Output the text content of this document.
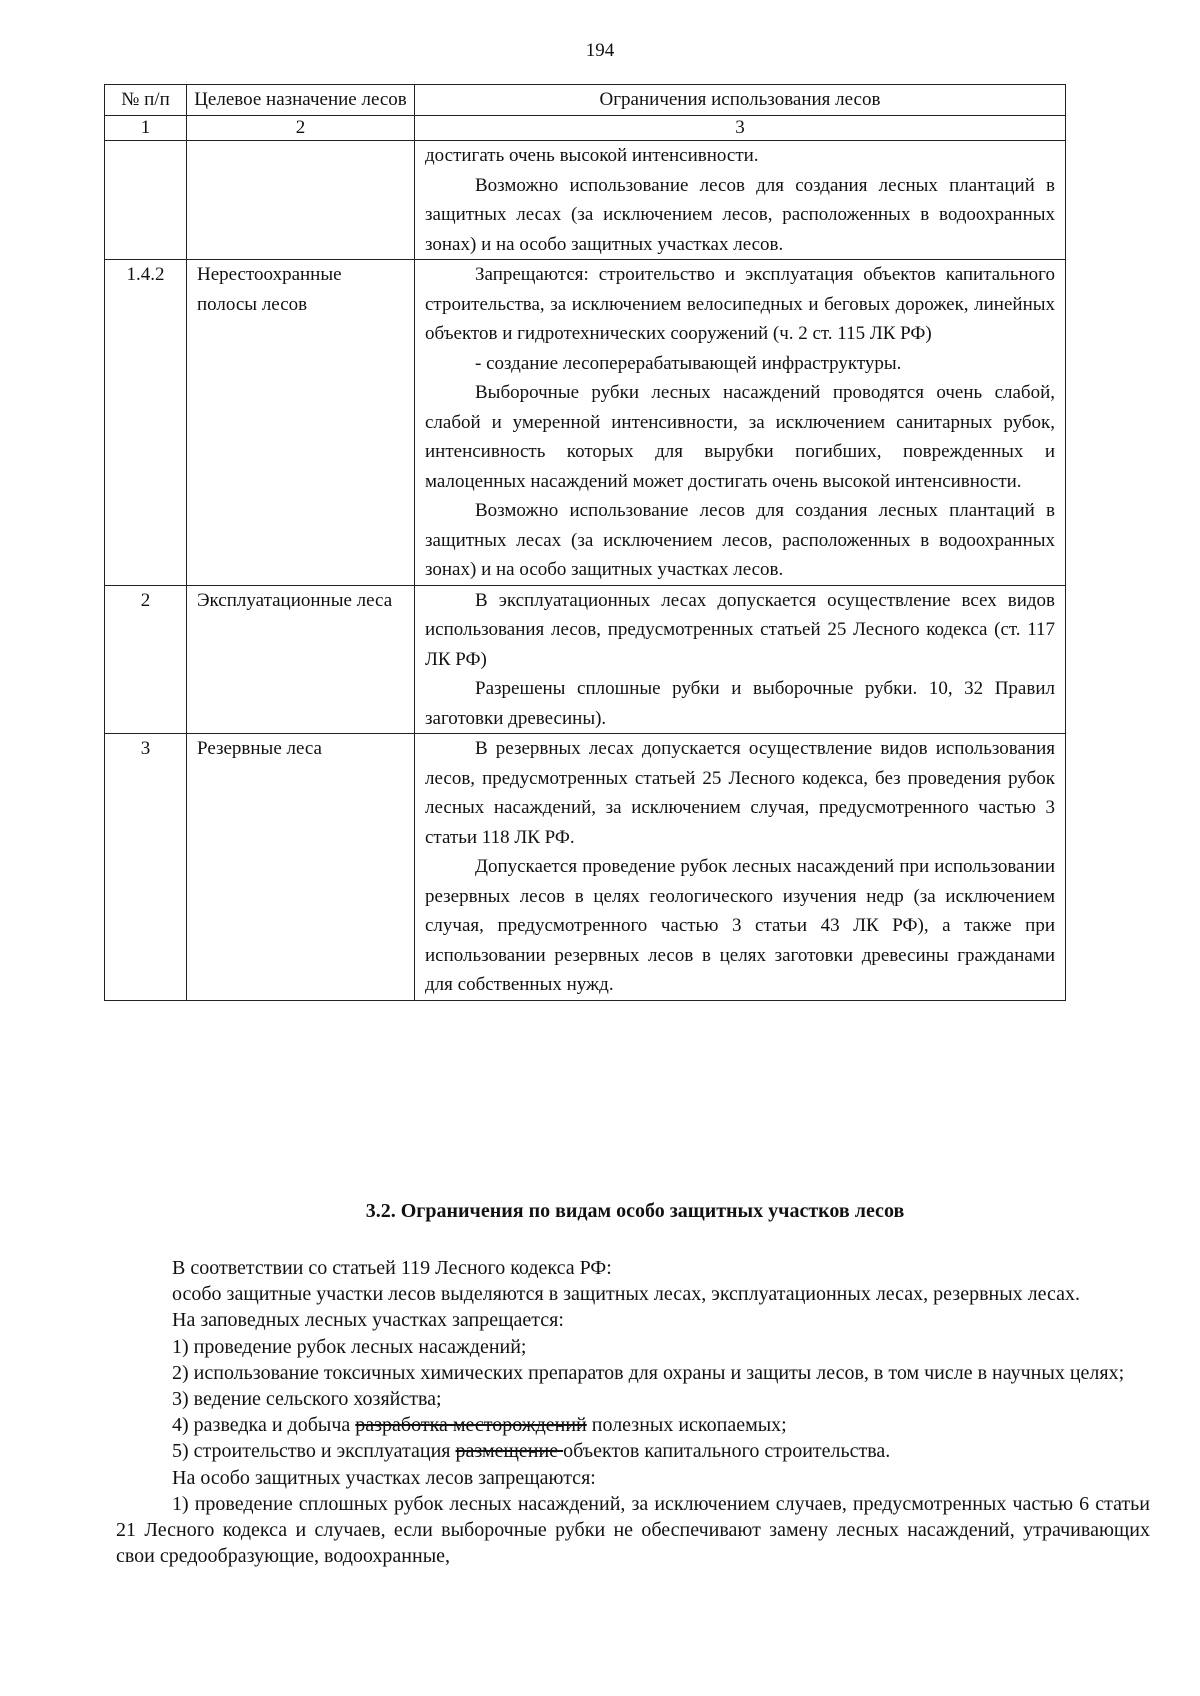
194
№ п/п	Целевое назначение лесов	Ограничения использования лесов
1	2	3

		достигать очень высокой интенсивности.

Возможно использование лесов для создания лесных плантаций в защитных лесах (за исключением лесов, расположенных в водоохранных зонах) и на особо защитных участках лесов.

1.4.2	Нерестоохранные полосы лесов	Запрещаются: строительство и эксплуатация объектов капитального строительства, за исключением велосипедных и беговых дорожек, линейных объектов и гидротехнических сооружений (ч. 2 ст. 115 ЛК РФ)

- создание лесоперерабатывающей инфраструктуры.

Выборочные рубки лесных насаждений проводятся очень слабой, слабой и умеренной интенсивности, за исключением санитарных рубок, интенсивность которых для вырубки погибших, поврежденных и малоценных насаждений может достигать очень высокой интенсивности.

Возможно использование лесов для создания лесных плантаций в защитных лесах (за исключением лесов, расположенных в водоохранных зонах) и на особо защитных участках лесов.

2	Эксплуатационные леса	В эксплуатационных лесах допускается осуществление всех видов использования лесов, предусмотренных статьей 25 Лесного кодекса (ст. 117 ЛК РФ)

Разрешены сплошные рубки и выборочные рубки. 10, 32 Правил заготовки древесины).

3	Резервные леса	В резервных лесах допускается осуществление видов использования лесов, предусмотренных статьей 25 Лесного кодекса, без проведения рубок лесных насаждений, за исключением случая, предусмотренного частью 3 статьи 118 ЛК РФ.

Допускается проведение рубок лесных насаждений при использовании резервных лесов в целях геологического изучения недр (за исключением случая, предусмотренного частью 3 статьи 43 ЛК РФ), а также при использовании резервных лесов в целях заготовки древесины гражданами для собственных нужд.

3.2. Ограничения по видам особо защитных участков лесов

В соответствии со статьей 119 Лесного кодекса РФ:

особо защитные участки лесов выделяются в защитных лесах, эксплуатационных лесах, резервных лесах.

На заповедных лесных участках запрещается:

1) проведение рубок лесных насаждений;

2) использование токсичных химических препаратов для охраны и защиты лесов, в том числе в научных целях;

3) ведение сельского хозяйства;

4) разведка и добыча разработка месторождений полезных ископаемых;

5) строительство и эксплуатация размещение объектов капитального строительства.

На особо защитных участках лесов запрещаются:

1) проведение сплошных рубок лесных насаждений, за исключением случаев, предусмотренных частью 6 статьи 21 Лесного кодекса и случаев, если выборочные рубки не обеспечивают замену лесных насаждений, утрачивающих свои средообразующие, водоохранные,
